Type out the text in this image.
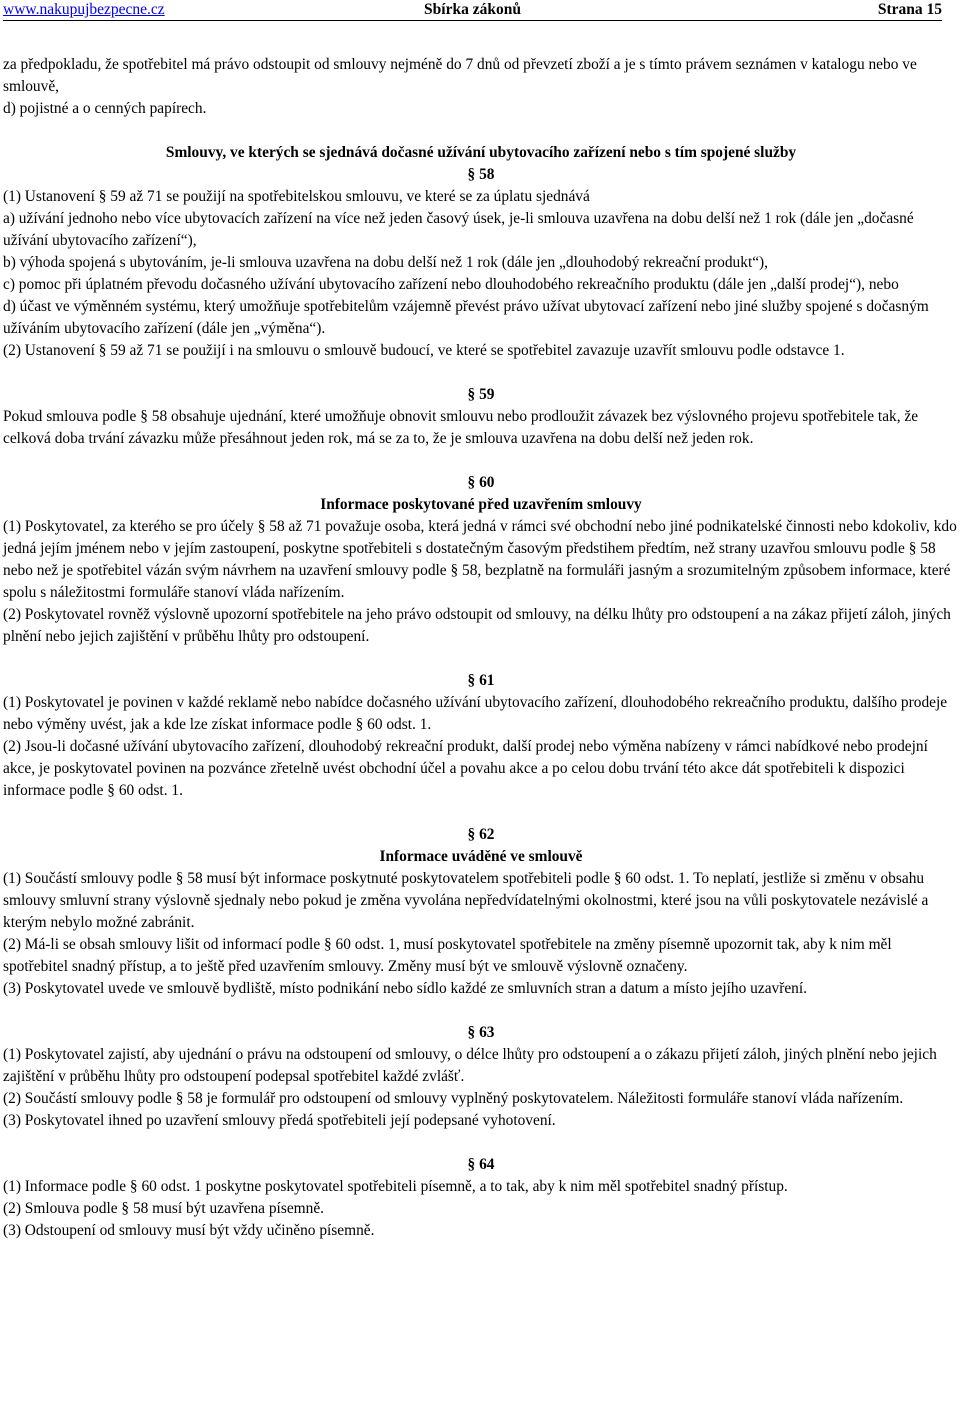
www.nakupujbezpecne.cz	Sbírka zákonů	Strana 15

za předpokladu, že spotřebitel má právo odstoupit od smlouvy nejméně do 7 dnů od převzetí zboží a je s tímto právem seznámen v katalogu nebo ve smlouvě,

d) pojistné a o cenných papírech.

Smlouvy, ve kterých se sjednává dočasné užívání ubytovacího zařízení nebo s tím spojené služby

§ 58

(1) Ustanovení § 59 až 71 se použijí na spotřebitelskou smlouvu, ve které se za úplatu sjednává

a) užívání jednoho nebo více ubytovacích zařízení na více než jeden časový úsek, je-li smlouva uzavřena na dobu delší než 1 rok (dále jen „dočasné užívání ubytovacího zařízení“),

b) výhoda spojená s ubytováním, je-li smlouva uzavřena na dobu delší než 1 rok (dále jen „dlouhodobý rekreační produkt“),

c) pomoc při úplatném převodu dočasného užívání ubytovacího zařízení nebo dlouhodobého rekreačního produktu (dále jen „další prodej“), nebo

d) účast ve výměnném systému, který umožňuje spotřebitelům vzájemně převést právo užívat ubytovací zařízení nebo jiné služby spojené s dočasným užíváním ubytovacího zařízení (dále jen „výměna“).

(2) Ustanovení § 59 až 71 se použijí i na smlouvu o smlouvě budoucí, ve které se spotřebitel zavazuje uzavřít smlouvu podle odstavce 1.

§ 59

Pokud smlouva podle § 58 obsahuje ujednání, které umožňuje obnovit smlouvu nebo prodloužit závazek bez výslovného projevu spotřebitele tak, že celková doba trvání závazku může přesáhnout jeden rok, má se za to, že je smlouva uzavřena na dobu delší než jeden rok.

§ 60

Informace poskytované před uzavřením smlouvy

(1) Poskytovatel, za kterého se pro účely § 58 až 71 považuje osoba, která jedná v rámci své obchodní nebo jiné podnikatelské činnosti nebo kdokoliv, kdo jedná jejím jménem nebo v jejím zastoupení, poskytne spotřebiteli s dostatečným časovým předstihem předtím, než strany uzavřou smlouvu podle § 58 nebo než je spotřebitel vázán svým návrhem na uzavření smlouvy podle § 58, bezplatně na formuláři jasným a srozumitelným způsobem informace, které spolu s náležitostmi formuláře stanoví vláda nařízením.

(2) Poskytovatel rovněž výslovně upozorní spotřebitele na jeho právo odstoupit od smlouvy, na délku lhůty pro odstoupení a na zákaz přijetí záloh, jiných plnění nebo jejich zajištění v průběhu lhůty pro odstoupení.

§ 61

(1) Poskytovatel je povinen v každé reklamě nebo nabídce dočasného užívání ubytovacího zařízení, dlouhodobého rekreačního produktu, dalšího prodeje nebo výměny uvést, jak a kde lze získat informace podle § 60 odst. 1.

(2) Jsou-li dočasné užívání ubytovacího zařízení, dlouhodobý rekreační produkt, další prodej nebo výměna nabízeny v rámci nabídkové nebo prodejní akce, je poskytovatel povinen na pozvánce zřetelně uvést obchodní účel a povahu akce a po celou dobu trvání této akce dát spotřebiteli k dispozici informace podle § 60 odst. 1.

§ 62

Informace uváděné ve smlouvě

(1) Součástí smlouvy podle § 58 musí být informace poskytnuté poskytovatelem spotřebiteli podle § 60 odst. 1. To neplatí, jestliže si změnu v obsahu smlouvy smluvní strany výslovně sjednaly nebo pokud je změna vyvolána nepředvídatelnými okolnostmi, které jsou na vůli poskytovatele nezávislé a kterým nebylo možné zabránit.

(2) Má-li se obsah smlouvy lišit od informací podle § 60 odst. 1, musí poskytovatel spotřebitele na změny písemně upozornit tak, aby k nim měl spotřebitel snadný přístup, a to ještě před uzavřením smlouvy. Změny musí být ve smlouvě výslovně označeny.

(3) Poskytovatel uvede ve smlouvě bydliště, místo podnikání nebo sídlo každé ze smluvních stran a datum a místo jejího uzavření.

§ 63

(1) Poskytovatel zajistí, aby ujednání o právu na odstoupení od smlouvy, o délce lhůty pro odstoupení a o zákazu přijetí záloh, jiných plnění nebo jejich zajištění v průběhu lhůty pro odstoupení podepsal spotřebitel každé zvlášť.

(2) Součástí smlouvy podle § 58 je formulář pro odstoupení od smlouvy vyplněný poskytovatelem. Náležitosti formuláře stanoví vláda nařízením.

(3) Poskytovatel ihned po uzavření smlouvy předá spotřebiteli její podepsané vyhotovení.

§ 64

(1) Informace podle § 60 odst. 1 poskytne poskytovatel spotřebiteli písemně, a to tak, aby k nim měl spotřebitel snadný přístup.

(2) Smlouva podle § 58 musí být uzavřena písemně.

(3) Odstoupení od smlouvy musí být vždy učiněno písemně.
